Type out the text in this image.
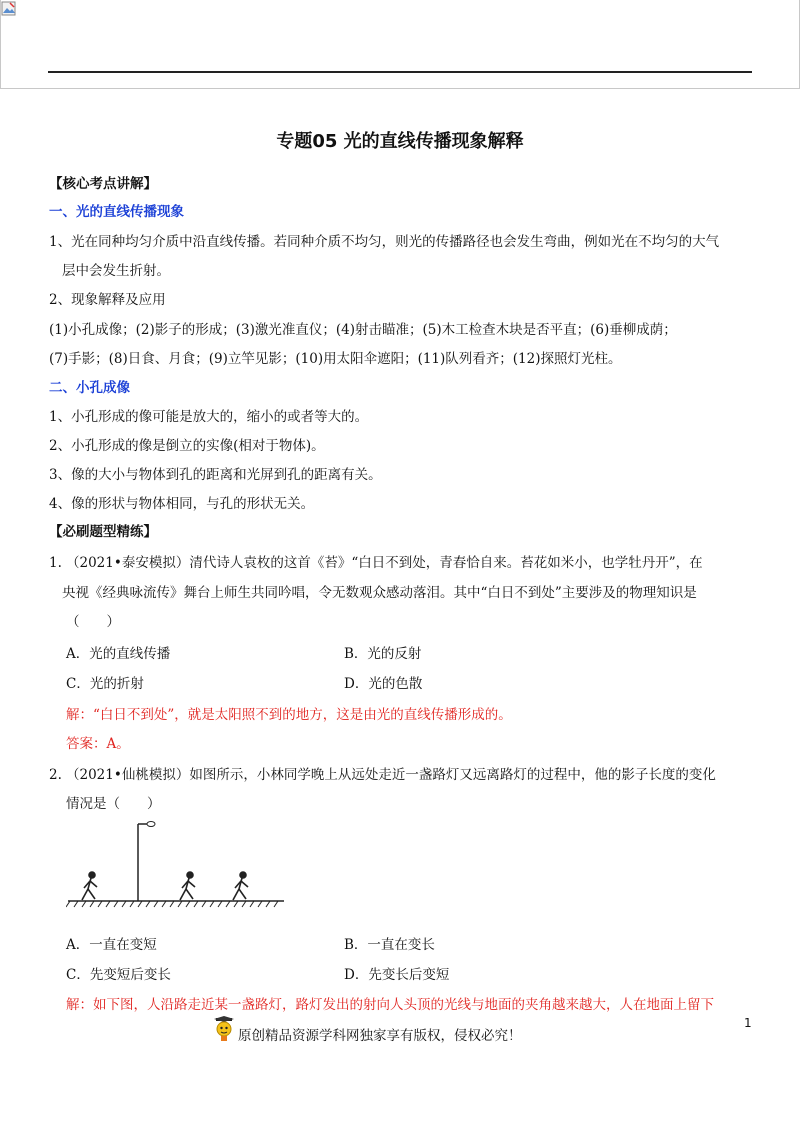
专题05 光的直线传播现象解释
【核心考点讲解】
一、光的直线传播现象
1、光在同种均匀介质中沿直线传播。若同种介质不均匀，则光的传播路径也会发生弯曲，例如光在不均匀的大气
层中会发生折射。
2、现象解释及应用
(1)小孔成像；(2)影子的形成；(3)激光准直仪；(4)射击瞄准；(5)木工检查木块是否平直；(6)垂柳成荫；
(7)手影；(8)日食、月食；(9)立竿见影；(10)用太阳伞遮阳；(11)队列看齐；(12)探照灯光柱。
二、小孔成像
1、小孔形成的像可能是放大的，缩小的或者等大的。
2、小孔形成的像是倒立的实像(相对于物体)。
3、像的大小与物体到孔的距离和光屏到孔的距离有关。
4、像的形状与物体相同，与孔的形状无关。
【必刷题型精练】
1. （2021•泰安模拟）清代诗人袁枚的这首《苔》“白日不到处，青春恰自来。苔花如米小，也学牡丹开”，在
央视《经典咏流传》舞台上师生共同吟唱，令无数观众感动落泪。其中“白日不到处”主要涉及的物理知识是
（　　）
A．光的直线传播	B．光的反射
C．光的折射	D．光的色散
解：“白日不到处”，就是太阳照不到的地方，这是由光的直线传播形成的。
答案：A。
2. （2021•仙桃模拟）如图所示，小林同学晚上从远处走近一盏路灯又远离路灯的过程中，他的影子长度的变化
情况是（　　）
A．一直在变短	B．一直在变长
C．先变短后变长	D．先变长后变短
解：如下图，人沿路走近某一盏路灯，路灯发出的射向人头顶的光线与地面的夹角越来越大，人在地面上留下
原创精品资源学科网独家享有版权，侵权必究！
1
